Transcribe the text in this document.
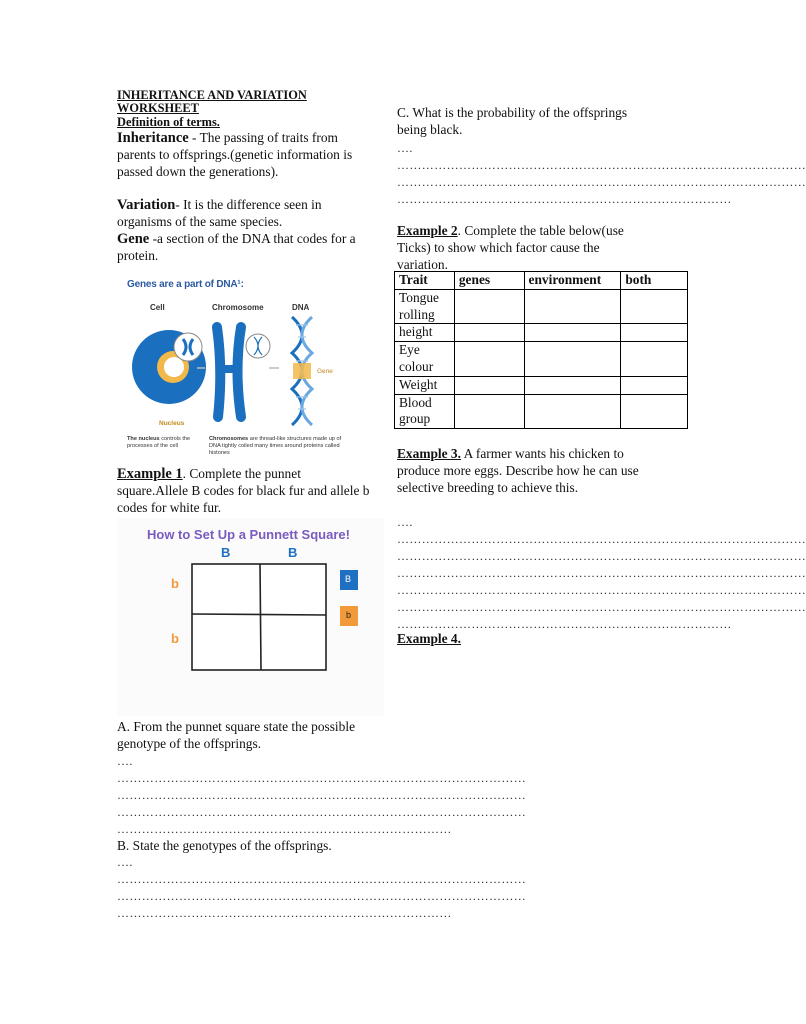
INHERITANCE AND VARIATION
WORKSHEET
Definition of terms.
Inheritance - The passing of traits from parents to offsprings.(genetic information is passed down the generations).
Variation- It is the difference seen in organisms of the same species.
Gene -a section of the DNA that codes for a protein.
Genes are a part of DNA¹:
Cell	Chromosome	DNA
Gene
Nucleus
The nucleus controls the processes of the cell
Chromosomes are thread-like structures made up of DNA tightly coiled many times around proteins called histones
Example 1. Complete the punnet square.Allele B codes for black fur and allele b codes for white fur.
How to Set Up a Punnett Square!
B	B
b
b
B
b
A. From the punnet square state the possible genotype of the offsprings.
….
………………………………………………………………………………………
………………………………………………………………………………………
………………………………………………………………………………………
………………………………………………………………………
B. State the genotypes of the offsprings.
….
………………………………………………………………………………………
………………………………………………………………………………………
………………………………………………………………………
C. What is the probability of the offsprings being black.
….
………………………………………………………………………………………
………………………………………………………………………………………
………………………………………………………………………
Example 2. Complete the table below(use Ticks) to show which factor cause the variation.
Trait	genes	environment	both
Tongue rolling			
height			
Eye colour			
Weight			
Blood group			
Example 3. A farmer wants his chicken to produce more eggs. Describe how he can use selective breeding to achieve this.
….
………………………………………………………………………………………
………………………………………………………………………………………
………………………………………………………………………………………
………………………………………………………………………………………
………………………………………………………………………………………
………………………………………………………………………
Example 4.
